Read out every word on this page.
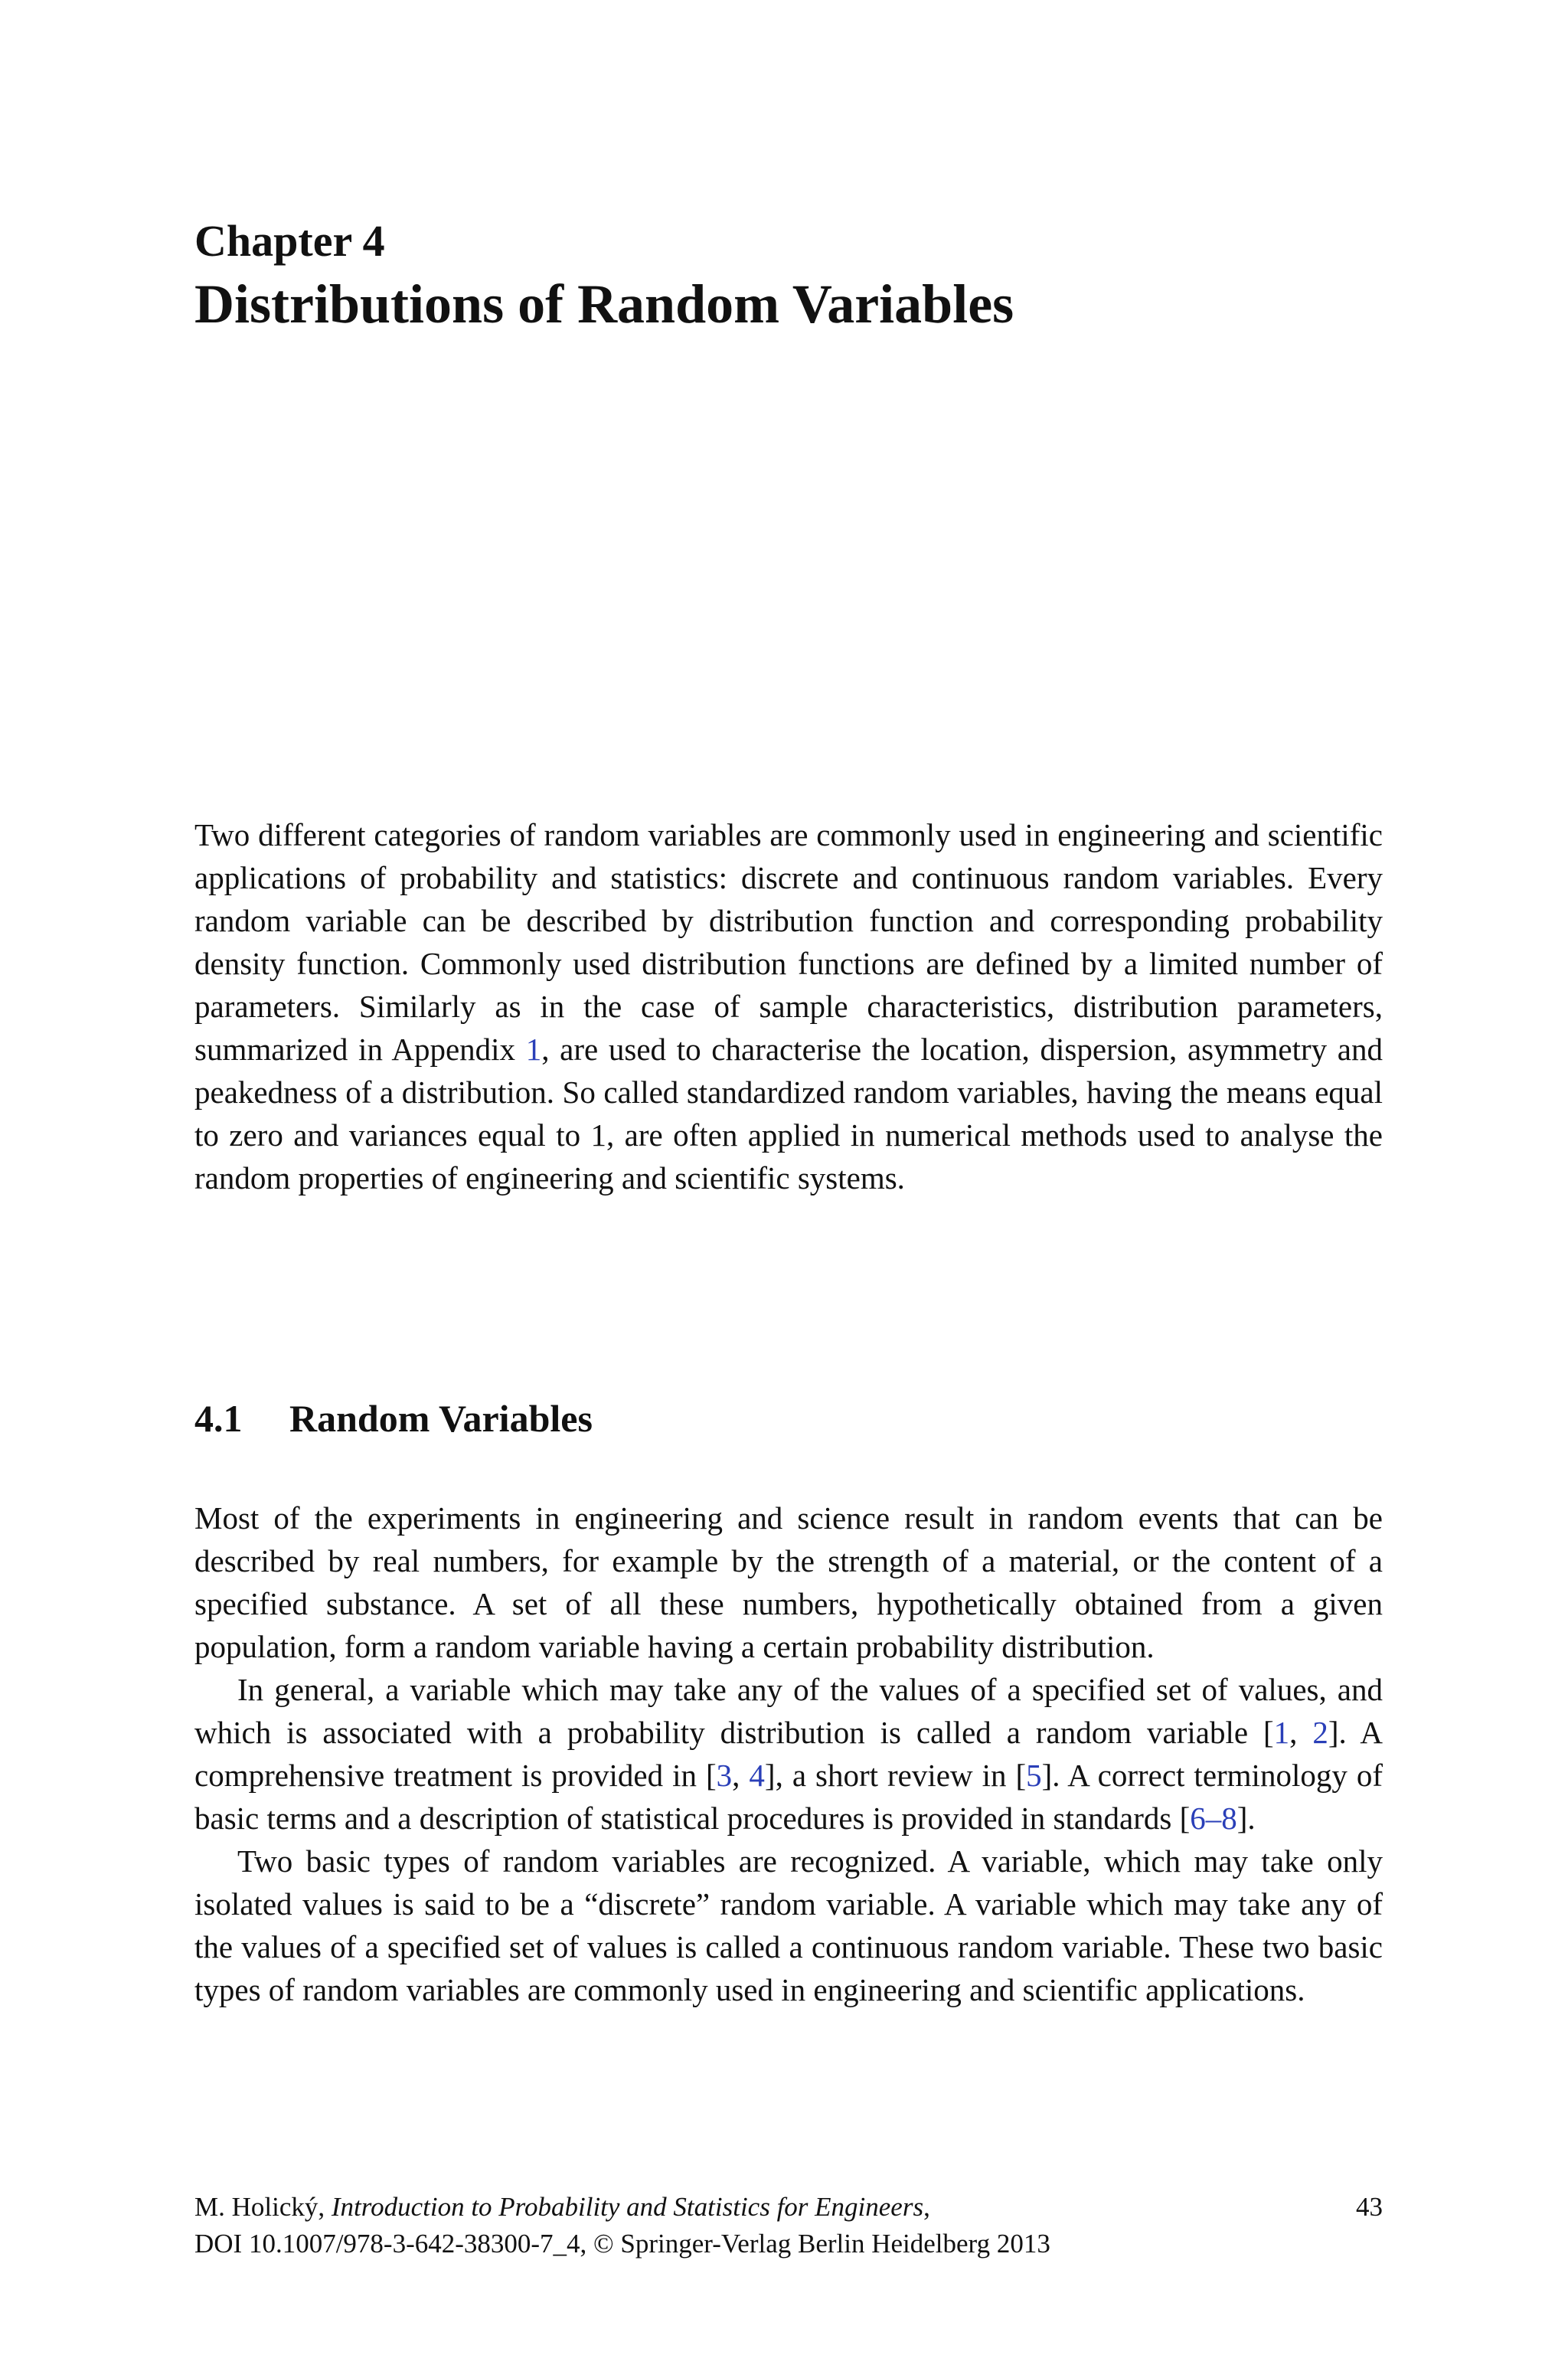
Chapter 4
Distributions of Random Variables
Two different categories of random variables are commonly used in engineering and scientific applications of probability and statistics: discrete and continuous random variables. Every random variable can be described by distribution function and corresponding probability density function. Commonly used distribution functions are defined by a limited number of parameters. Similarly as in the case of sample characteristics, distribution parameters, summarized in Appendix 1, are used to characterise the location, dispersion, asymmetry and peakedness of a distribution. So called standardized random variables, having the means equal to zero and variances equal to 1, are often applied in numerical methods used to analyse the random properties of engineering and scientific systems.
4.1 Random Variables

Most of the experiments in engineering and science result in random events that can be described by real numbers, for example by the strength of a material, or the content of a specified substance. A set of all these numbers, hypothetically obtained from a given population, form a random variable having a certain probability distribution.

In general, a variable which may take any of the values of a specified set of values, and which is associated with a probability distribution is called a random variable [1, 2]. A comprehensive treatment is provided in [3, 4], a short review in [5]. A correct terminology of basic terms and a description of statistical procedures is provided in standards [6–8].

Two basic types of random variables are recognized. A variable, which may take only isolated values is said to be a “discrete” random variable. A variable which may take any of the values of a specified set of values is called a continuous random variable. These two basic types of random variables are commonly used in engineering and scientific applications.

M. Holický, Introduction to Probability and Statistics for Engineers,	43
DOI 10.1007/978-3-642-38300-7_4, © Springer-Verlag Berlin Heidelberg 2013
